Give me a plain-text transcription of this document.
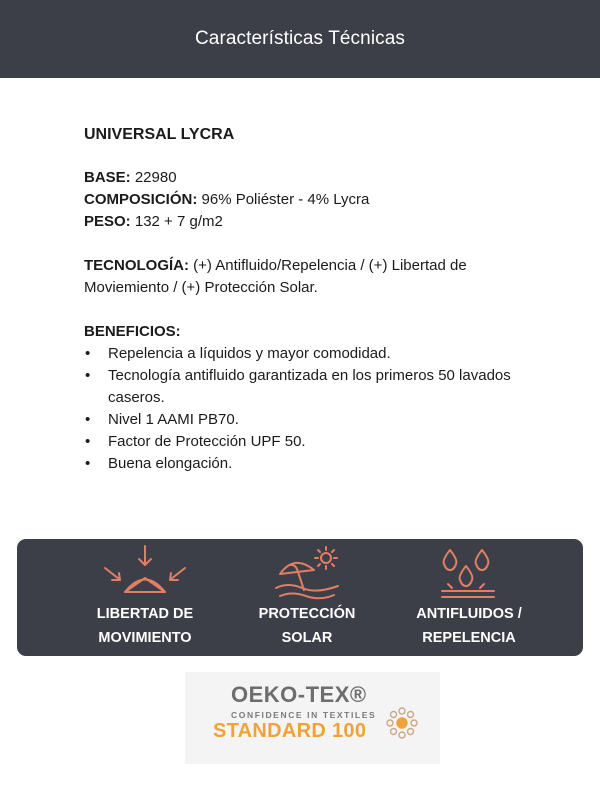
Características Técnicas

UNIVERSAL LYCRA

BASE: 22980

COMPOSICIÓN: 96% Poliéster - 4% Lycra

PESO: 132 + 7 g/m2

TECNOLOGÍA: (+) Antifluido/Repelencia / (+) Libertad de Moviemiento / (+) Protección Solar.

BENEFICIOS:

• Repelencia a líquidos y mayor comodidad.
• Tecnología antifluido garantizada en los primeros 50 lavados caseros.
• Nivel 1 AAMI PB70.
• Factor de Protección UPF 50.
• Buena elongación.
LIBERTAD DE
MOVIMIENTO
PROTECCIÓN
SOLAR
ANTIFLUIDOS /
REPELENCIA
OEKO-TEX®
CONFIDENCE IN TEXTILES
STANDARD 100
